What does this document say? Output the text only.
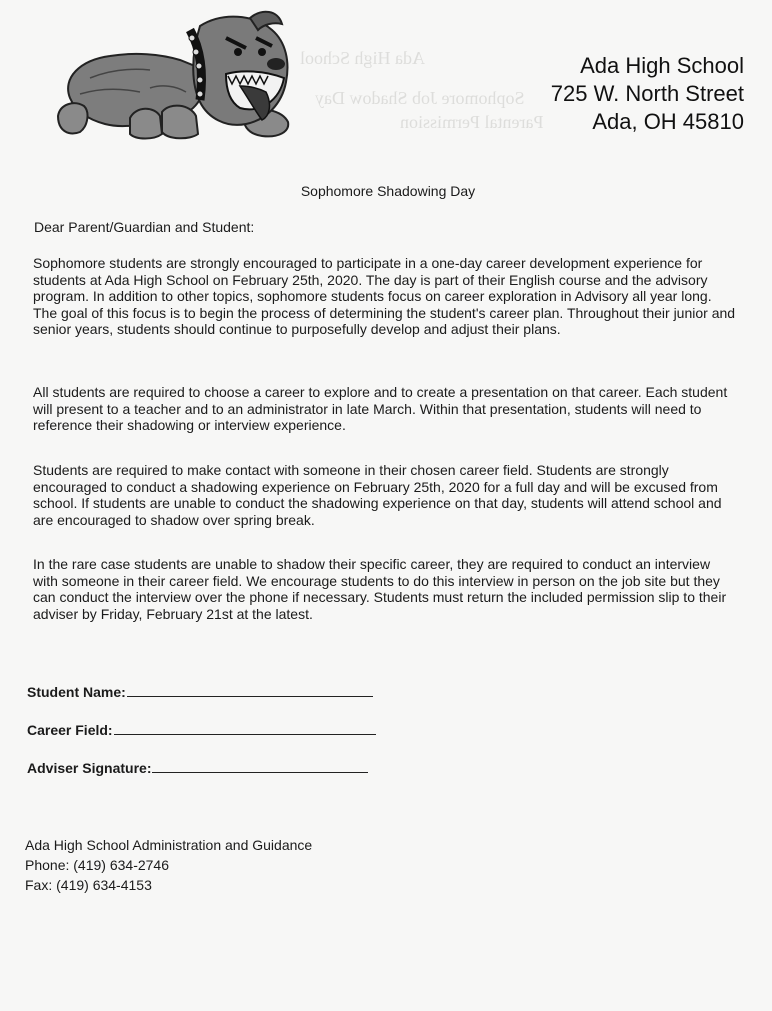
Ada High School
Sophomore Job Shadow Day
Parental Permission
Ada High School
725 W. North Street
Ada, OH 45810
Sophomore Shadowing Day
Dear Parent/Guardian and Student:
Sophomore students are strongly encouraged to participate in a one-day career development experience for students at Ada High School on February 25th, 2020. The day is part of their English course and the advisory program. In addition to other topics, sophomore students focus on career exploration in Advisory all year long. The goal of this focus is to begin the process of determining the student's career plan. Throughout their junior and senior years, students should continue to purposefully develop and adjust their plans.
All students are required to choose a career to explore and to create a presentation on that career. Each student will present to a teacher and to an administrator in late March. Within that presentation, students will need to reference their shadowing or interview experience.
Students are required to make contact with someone in their chosen career field. Students are strongly encouraged to conduct a shadowing experience on February 25th, 2020 for a full day and will be excused from school. If students are unable to conduct the shadowing experience on that day, students will attend school and are encouraged to shadow over spring break.
In the rare case students are unable to shadow their specific career, they are required to conduct an interview with someone in their career field. We encourage students to do this interview in person on the job site but they can conduct the interview over the phone if necessary. Students must return the included permission slip to their adviser by Friday, February 21st at the latest.
Student Name:
Career Field:
Adviser Signature:
Ada High School Administration and Guidance
Phone: (419) 634-2746
Fax: (419) 634-4153
